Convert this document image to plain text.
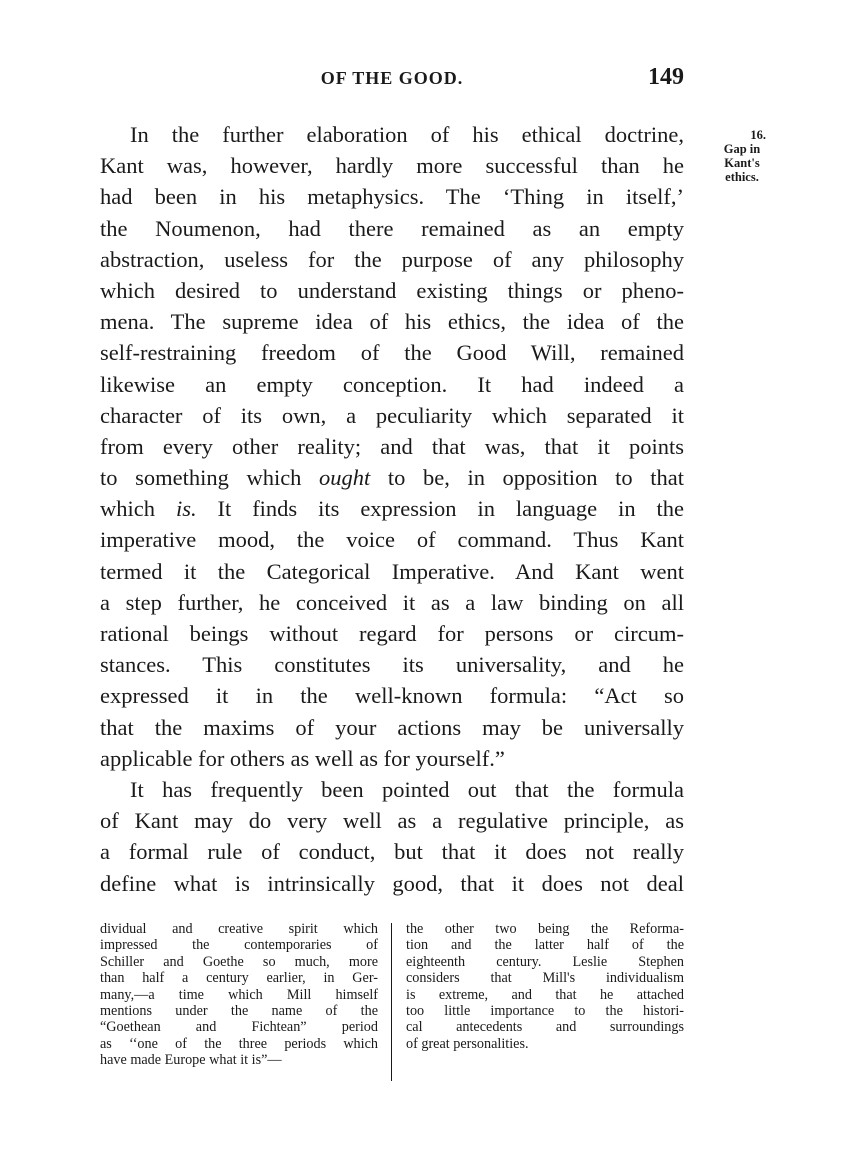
OF THE GOOD.	149
16.
Gap in
Kant's
ethics.
In the further elaboration of his ethical doctrine,
Kant was, however, hardly more successful than he
had been in his metaphysics. The ‘Thing in itself,’
the Noumenon, had there remained as an empty
abstraction, useless for the purpose of any philosophy
which desired to understand existing things or pheno-
mena. The supreme idea of his ethics, the idea of the
self-restraining freedom of the Good Will, remained
likewise an empty conception. It had indeed a
character of its own, a peculiarity which separated it
from every other reality; and that was, that it points
to something which ought to be, in opposition to that
which is. It finds its expression in language in the
imperative mood, the voice of command. Thus Kant
termed it the Categorical Imperative. And Kant went
a step further, he conceived it as a law binding on all
rational beings without regard for persons or circum-
stances. This constitutes its universality, and he
expressed it in the well-known formula: “Act so
that the maxims of your actions may be universally
applicable for others as well as for yourself.”
It has frequently been pointed out that the formula
of Kant may do very well as a regulative principle, as
a formal rule of conduct, but that it does not really
define what is intrinsically good, that it does not deal
dividual and creative spirit which
impressed the contemporaries of
Schiller and Goethe so much, more
than half a century earlier, in Ger-
many,—a time which Mill himself
mentions under the name of the
“Goethean and Fichtean” period
as ‘‘one of the three periods which
have made Europe what it is”—
the other two being the Reforma-
tion and the latter half of the
eighteenth century. Leslie Stephen
considers that Mill's individualism
is extreme, and that he attached
too little importance to the histori-
cal antecedents and surroundings
of great personalities.
